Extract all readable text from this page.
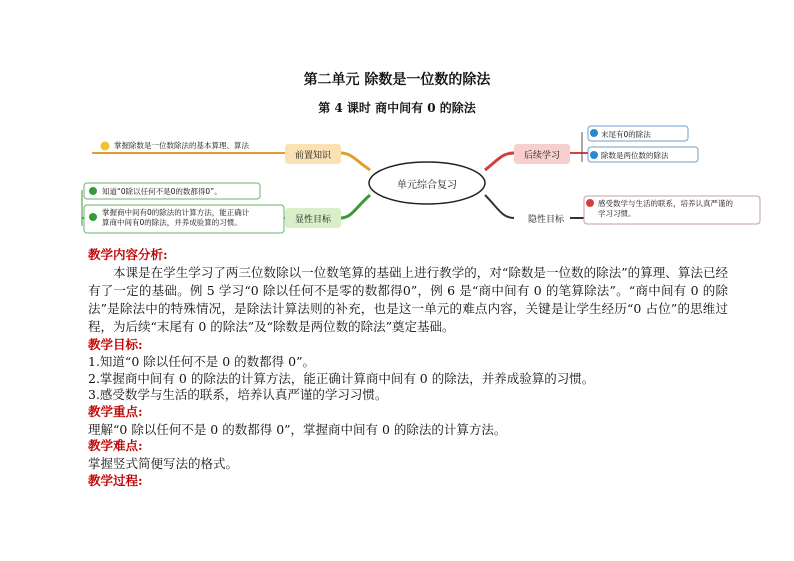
第二单元 除数是一位数的除法
第 4 课时 商中间有 0 的除法
单元综合复习
前置知识
显性目标
后续学习
隐性目标
掌握除数是一位数除法的基本算理、算法
知道“0除以任何不是0的数都得0”。
掌握商中间有0的除法的计算方法，能正确计
算商中间有0的除法，并养成验算的习惯。
末尾有0的除法
除数是两位数的除法
感受数学与生活的联系，培养认真严谨的
学习习惯。
教学内容分析:
本课是在学生学习了两三位数除以一位数笔算的基础上进行教学的，对“除数是一位数的除法”的算理、算法已经有了一定的基础。例 5 学习“0 除以任何不是零的数都得0”，例 6 是“商中间有 0 的笔算除法”。“商中间有 0 的除法”是除法中的特殊情况，是除法计算法则的补充，也是这一单元的难点内容，关键是让学生经历“0 占位”的思维过程，为后续“末尾有 0 的除法”及“除数是两位数的除法”奠定基础。
教学目标:
1.知道“0 除以任何不是 0 的数都得 0”。
2.掌握商中间有 0 的除法的计算方法，能正确计算商中间有 0 的除法，并养成验算的习惯。
3.感受数学与生活的联系，培养认真严谨的学习习惯。
教学重点:
理解“0 除以任何不是 0 的数都得 0”，掌握商中间有 0 的除法的计算方法。
教学难点:
掌握竖式简便写法的格式。
教学过程:
